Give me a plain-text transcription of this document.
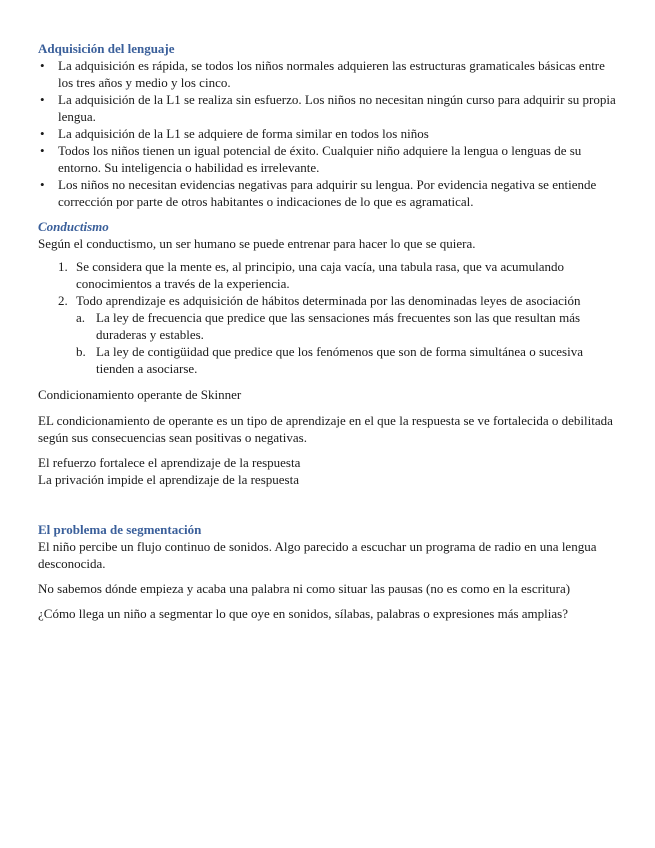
Adquisición del lenguaje
• La adquisición es rápida, se todos los niños normales adquieren las estructuras gramaticales básicas entre los tres años y medio y los cinco.
• La adquisición de la L1 se realiza sin esfuerzo. Los niños no necesitan ningún curso para adquirir su propia lengua.
• La adquisición de la L1 se adquiere de forma similar en todos los niños
• Todos los niños tienen un igual potencial de éxito. Cualquier niño adquiere la lengua o lenguas de su entorno. Su inteligencia o habilidad es irrelevante.
• Los niños no necesitan evidencias negativas para adquirir su lengua. Por evidencia negativa se entiende corrección por parte de otros habitantes o indicaciones de lo que es agramatical.
Conductismo

Según el conductismo, un ser humano se puede entrenar para hacer lo que se quiera.

1. Se considera que la mente es, al principio, una caja vacía, una tabula rasa, que va acumulando conocimientos a través de la experiencia.
2. Todo aprendizaje es adquisición de hábitos determinada por las denominadas leyes de asociación
a. La ley de frecuencia que predice que las sensaciones más frecuentes son las que resultan más duraderas y estables.
b. La ley de contigüidad que predice que los fenómenos que son de forma simultánea o sucesiva tienden a asociarse.

Condicionamiento operante de Skinner

EL condicionamiento de operante es un tipo de aprendizaje en el que la respuesta se ve fortalecida o debilitada según sus consecuencias sean positivas o negativas.

El refuerzo fortalece el aprendizaje de la respuesta

La privación impide el aprendizaje de la respuesta

El problema de segmentación

El niño percibe un flujo continuo de sonidos. Algo parecido a escuchar un programa de radio en una lengua desconocida.

No sabemos dónde empieza y acaba una palabra ni como situar las pausas (no es como en la escritura)

¿Cómo llega un niño a segmentar lo que oye en sonidos, sílabas, palabras o expresiones más amplias?
